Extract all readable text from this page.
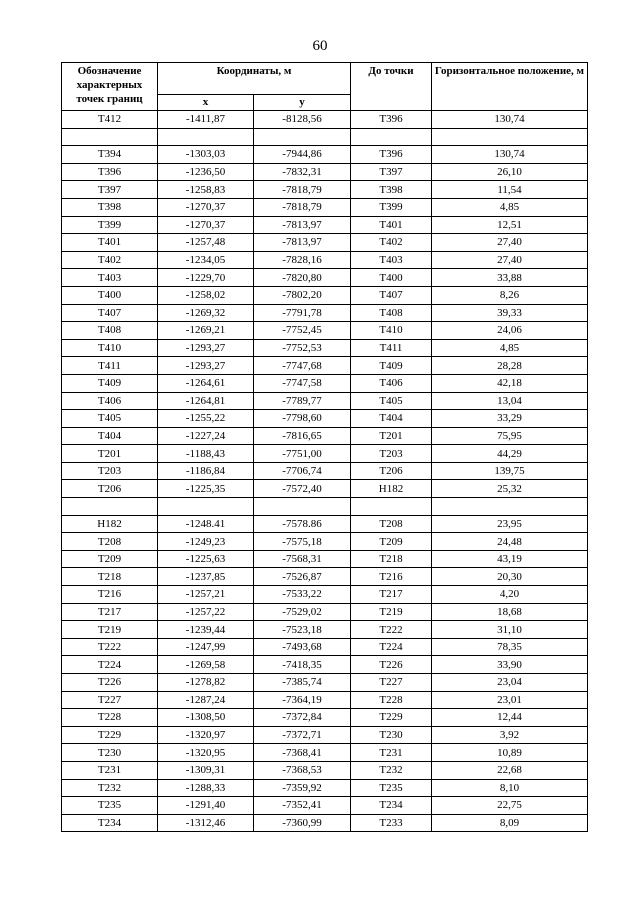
60
Обозначение характерных точек границ	Координаты, м		До точки	Горизонтальное положение, м
	x	y		
Т412	-1411,87	-8128,56	Т396	130,74

Т394	-1303,03	-7944,86	Т396	130,74
Т396	-1236,50	-7832,31	Т397	26,10
Т397	-1258,83	-7818,79	Т398	11,54
Т398	-1270,37	-7818,79	Т399	4,85
Т399	-1270,37	-7813,97	Т401	12,51
Т401	-1257,48	-7813,97	Т402	27,40
Т402	-1234,05	-7828,16	Т403	27,40
Т403	-1229,70	-7820,80	Т400	33,88
Т400	-1258,02	-7802,20	Т407	8,26
Т407	-1269,32	-7791,78	Т408	39,33
Т408	-1269,21	-7752,45	Т410	24,06
Т410	-1293,27	-7752,53	Т411	4,85
Т411	-1293,27	-7747,68	Т409	28,28
Т409	-1264,61	-7747,58	Т406	42,18
Т406	-1264,81	-7789,77	Т405	13,04
Т405	-1255,22	-7798,60	Т404	33,29
Т404	-1227,24	-7816,65	Т201	75,95
Т201	-1188,43	-7751,00	Т203	44,29
Т203	-1186,84	-7706,74	Т206	139,75
Т206	-1225,35	-7572,40	Н182	25,32

Н182	-1248.41	-7578.86	Т208	23,95
Т208	-1249,23	-7575,18	Т209	24,48
Т209	-1225,63	-7568,31	Т218	43,19
Т218	-1237,85	-7526,87	Т216	20,30
Т216	-1257,21	-7533,22	Т217	4,20
Т217	-1257,22	-7529,02	Т219	18,68
Т219	-1239,44	-7523,18	Т222	31,10
Т222	-1247,99	-7493,68	Т224	78,35
Т224	-1269,58	-7418,35	Т226	33,90
Т226	-1278,82	-7385,74	Т227	23,04
Т227	-1287,24	-7364,19	Т228	23,01
Т228	-1308,50	-7372,84	Т229	12,44
Т229	-1320,97	-7372,71	Т230	3,92
Т230	-1320,95	-7368,41	Т231	10,89
Т231	-1309,31	-7368,53	Т232	22,68
Т232	-1288,33	-7359,92	Т235	8,10
Т235	-1291,40	-7352,41	Т234	22,75
Т234	-1312,46	-7360,99	Т233	8,09
